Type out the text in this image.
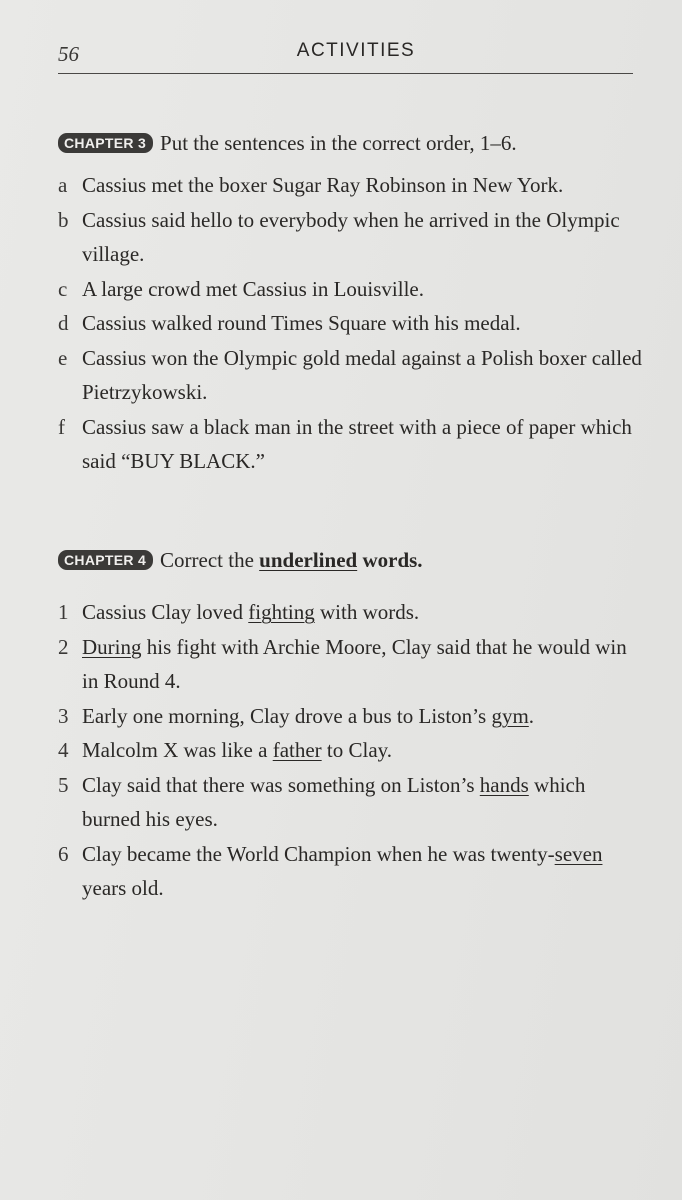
56	ACTIVITIES
CHAPTER 3 Put the sentences in the correct order, 1–6.
a Cassius met the boxer Sugar Ray Robinson in New York.
b Cassius said hello to everybody when he arrived in the Olympic village.
c A large crowd met Cassius in Louisville.
d Cassius walked round Times Square with his medal.
e Cassius won the Olympic gold medal against a Polish boxer called Pietrzykowski.
f Cassius saw a black man in the street with a piece of paper which said “BUY BLACK.”
CHAPTER 4 Correct the underlined words.
1 Cassius Clay loved fighting with words.
2 During his fight with Archie Moore, Clay said that he would win in Round 4.
3 Early one morning, Clay drove a bus to Liston’s gym.
4 Malcolm X was like a father to Clay.
5 Clay said that there was something on Liston’s hands which burned his eyes.
6 Clay became the World Champion when he was twenty-seven years old.
